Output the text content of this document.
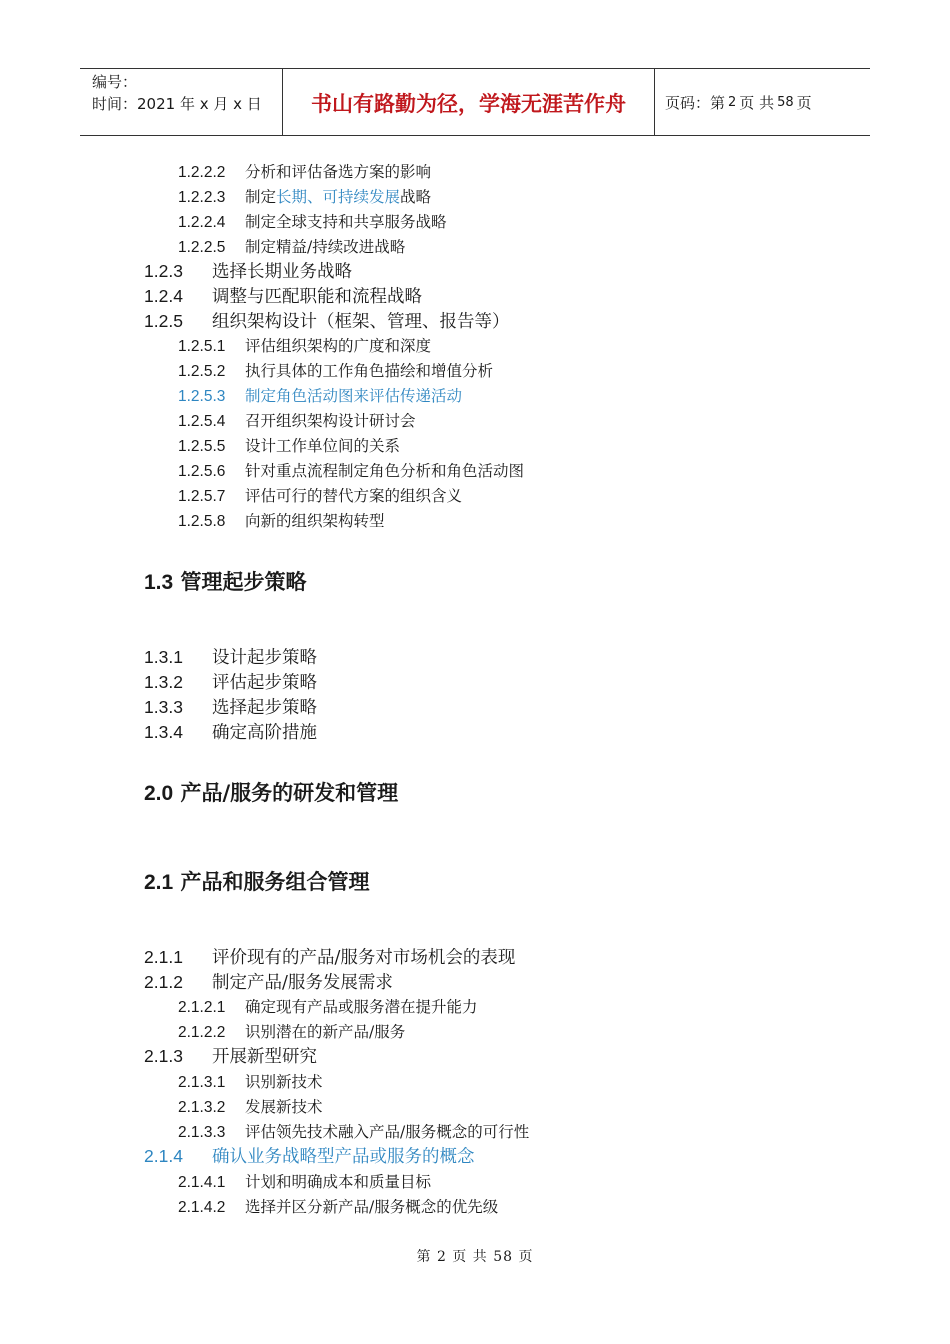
编号：
时间：2021 年 x 月 x 日	书山有路勤为径，学海无涯苦作舟	页码：第 2 页 共 58 页
1.2.2.2 分析和评估备选方案的影响
1.2.2.3 制定长期、可持续发展战略
1.2.2.4 制定全球支持和共享服务战略
1.2.2.5 制定精益/持续改进战略
1.2.3 选择长期业务战略
1.2.4 调整与匹配职能和流程战略
1.2.5 组织架构设计（框架、管理、报告等）
1.2.5.1 评估组织架构的广度和深度
1.2.5.2 执行具体的工作角色描绘和增值分析
1.2.5.3 制定角色活动图来评估传递活动
1.2.5.4 召开组织架构设计研讨会
1.2.5.5 设计工作单位间的关系
1.2.5.6 针对重点流程制定角色分析和角色活动图
1.2.5.7 评估可行的替代方案的组织含义
1.2.5.8 向新的组织架构转型
1.3 管理起步策略
1.3.1 设计起步策略
1.3.2 评估起步策略
1.3.3 选择起步策略
1.3.4 确定高阶措施
2.0 产品/服务的研发和管理
2.1 产品和服务组合管理
2.1.1 评价现有的产品/服务对市场机会的表现
2.1.2 制定产品/服务发展需求
2.1.2.1 确定现有产品或服务潜在提升能力
2.1.2.2 识别潜在的新产品/服务
2.1.3 开展新型研究
2.1.3.1 识别新技术
2.1.3.2 发展新技术
2.1.3.3 评估领先技术融入产品/服务概念的可行性
2.1.4 确认业务战略型产品或服务的概念
2.1.4.1 计划和明确成本和质量目标
2.1.4.2 选择并区分新产品/服务概念的优先级
第 2 页 共 58 页
